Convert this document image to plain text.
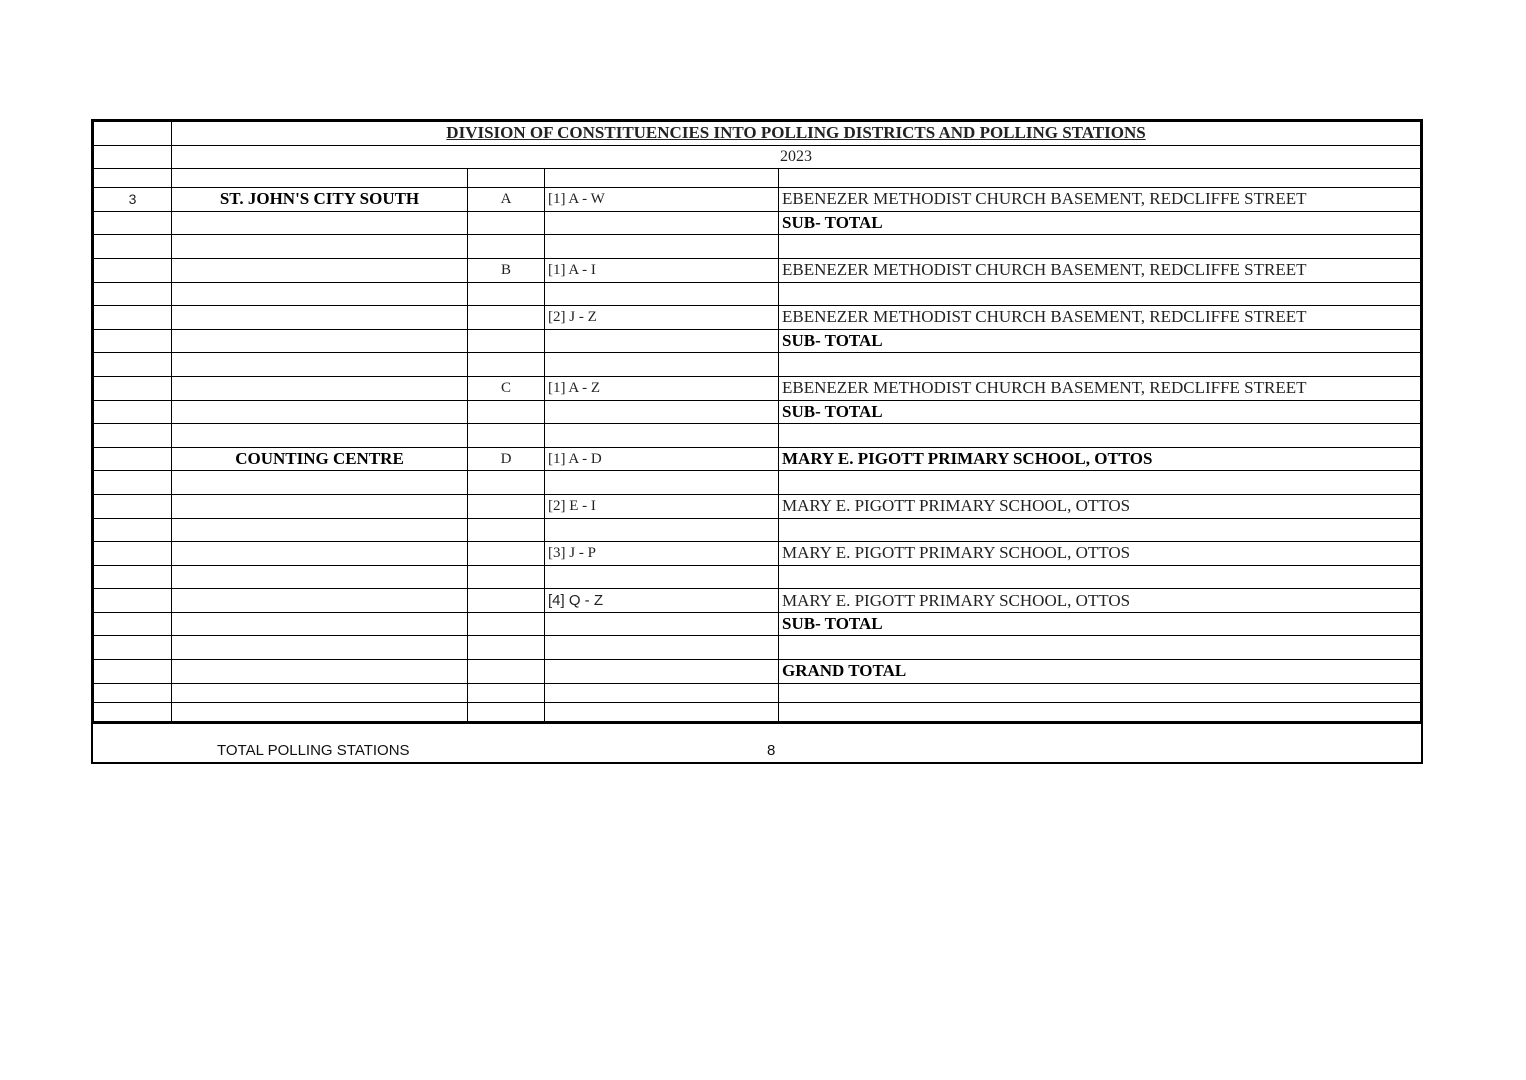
	DIVISION OF CONSTITUENCIES INTO POLLING DISTRICTS AND POLLING STATIONS			
	2023			

3	ST. JOHN'S CITY SOUTH	A	[1] A - W	EBENEZER METHODIST CHURCH BASEMENT, REDCLIFFE STREET
				SUB- TOTAL

		B	[1] A - I	EBENEZER METHODIST CHURCH BASEMENT, REDCLIFFE STREET

			[2] J - Z	EBENEZER METHODIST CHURCH BASEMENT, REDCLIFFE STREET
				SUB- TOTAL

		C	[1] A - Z	EBENEZER METHODIST CHURCH BASEMENT, REDCLIFFE STREET
				SUB- TOTAL

	COUNTING CENTRE	D	[1] A - D	MARY E. PIGOTT PRIMARY SCHOOL, OTTOS

			[2] E - I	MARY E. PIGOTT PRIMARY SCHOOL, OTTOS

			[3] J - P	MARY E. PIGOTT PRIMARY SCHOOL, OTTOS

			[4] Q - Z	MARY E. PIGOTT PRIMARY SCHOOL, OTTOS
				SUB- TOTAL

				GRAND TOTAL

TOTAL POLLING STATIONS	8
